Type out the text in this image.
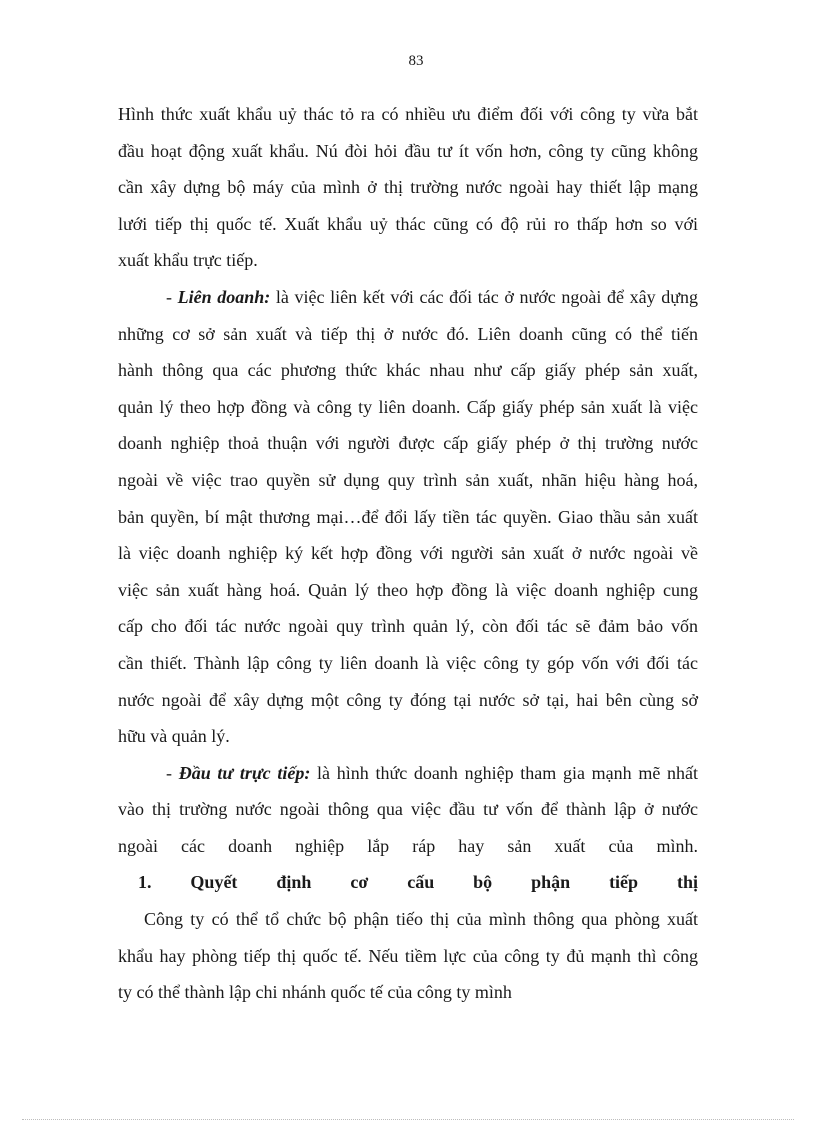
83
Hình thức xuất khẩu uỷ thác tỏ ra có nhiều ưu điểm đối với công ty vừa bắt
đầu hoạt động xuất khẩu. Nú đòi hỏi đầu tư ít vốn hơn, công ty cũng không
cần xây dựng bộ máy của mình ở thị trường nước ngoài hay thiết lập mạng
lưới tiếp thị quốc tế. Xuất khẩu uỷ thác cũng có độ rủi ro thấp hơn so với
xuất khẩu trực tiếp.
- Liên doanh: là việc liên kết với các đối tác ở nước ngoài để xây dựng
những cơ sở sản xuất và tiếp thị ở nước đó. Liên doanh cũng có thể tiến
hành thông qua các phương thức khác nhau như cấp giấy phép sản xuất,
quản lý theo hợp đồng và công ty liên doanh. Cấp giấy phép sản xuất là việc
doanh nghiệp thoả thuận với người được cấp giấy phép ở thị trường nước
ngoài về việc trao quyền sử dụng quy trình sản xuất, nhãn hiệu hàng hoá,
bản quyền, bí mật thương mại…để đổi lấy tiền tác quyền. Giao thầu sản xuất
là việc doanh nghiệp ký kết hợp đồng với người sản xuất ở nước ngoài về
việc sản xuất hàng hoá. Quản lý theo hợp đồng là việc doanh nghiệp cung
cấp cho đối tác nước ngoài quy trình quản lý, còn đối tác sẽ đảm bảo vốn
cần thiết. Thành lập công ty liên doanh là việc công ty góp vốn với đối tác
nước ngoài để xây dựng một công ty đóng tại nước sở tại, hai bên cùng sở
hữu và quản lý.
- Đầu tư trực tiếp: là hình thức doanh nghiệp tham gia mạnh mẽ nhất
vào thị trường nước ngoài thông qua việc đầu tư vốn để thành lập ở nước
ngoài các doanh nghiệp lắp ráp hay sản xuất của mình.
1. Quyết định cơ cấu bộ phận tiếp thị
Công ty có thể tổ chức bộ phận tiếo thị của mình thông qua phòng xuất
khẩu hay phòng tiếp thị quốc tế. Nếu tiềm lực của công ty đủ mạnh thì công
ty có thể thành lập chi nhánh quốc tế của công ty mình
